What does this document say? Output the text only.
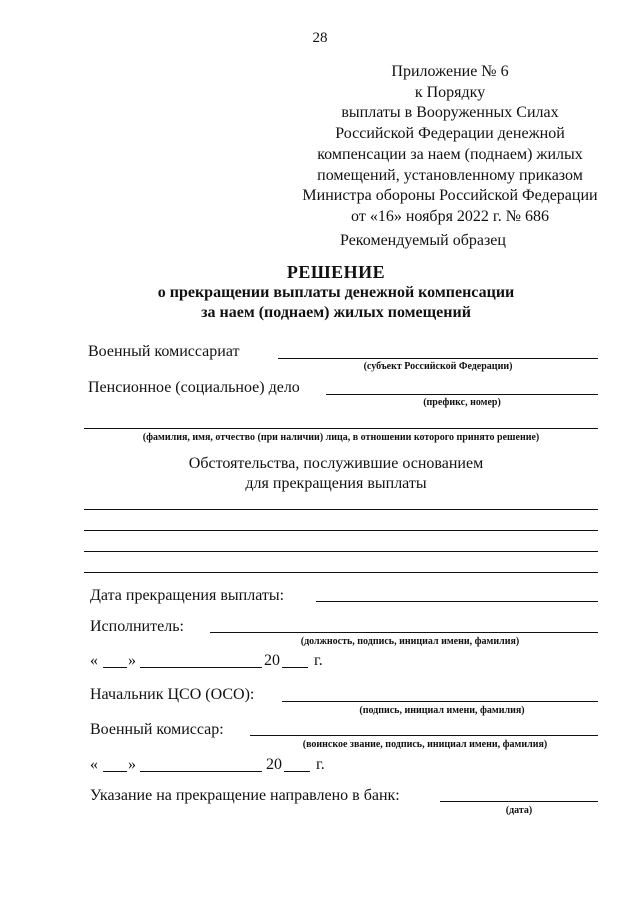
28
Приложение № 6
к Порядку
выплаты в Вооруженных Силах
Российской Федерации денежной
компенсации за наем (поднаем) жилых
помещений, установленному приказом
Министра обороны Российской Федерации
от «16» ноября 2022 г. № 686
Рекомендуемый образец
РЕШЕНИЕ
о прекращении выплаты денежной компенсации
за наем (поднаем) жилых помещений
Военный комиссариат
(субъект Российской Федерации)
Пенсионное (социальное) дело
(префикс, номер)
(фамилия, имя, отчество (при наличии) лица, в отношении которого принято решение)
Обстоятельства, послужившие основанием
для прекращения выплаты
Дата прекращения выплаты:
Исполнитель:
(должность, подпись, инициал имени, фамилия)
« »	20 г.
Начальник ЦСО (ОСО):
(подпись, инициал имени, фамилия)
Военный комиссар:
(воинское звание, подпись, инициал имени, фамилия)
« »	20 г.
Указание на прекращение направлено в банк:
(дата)
